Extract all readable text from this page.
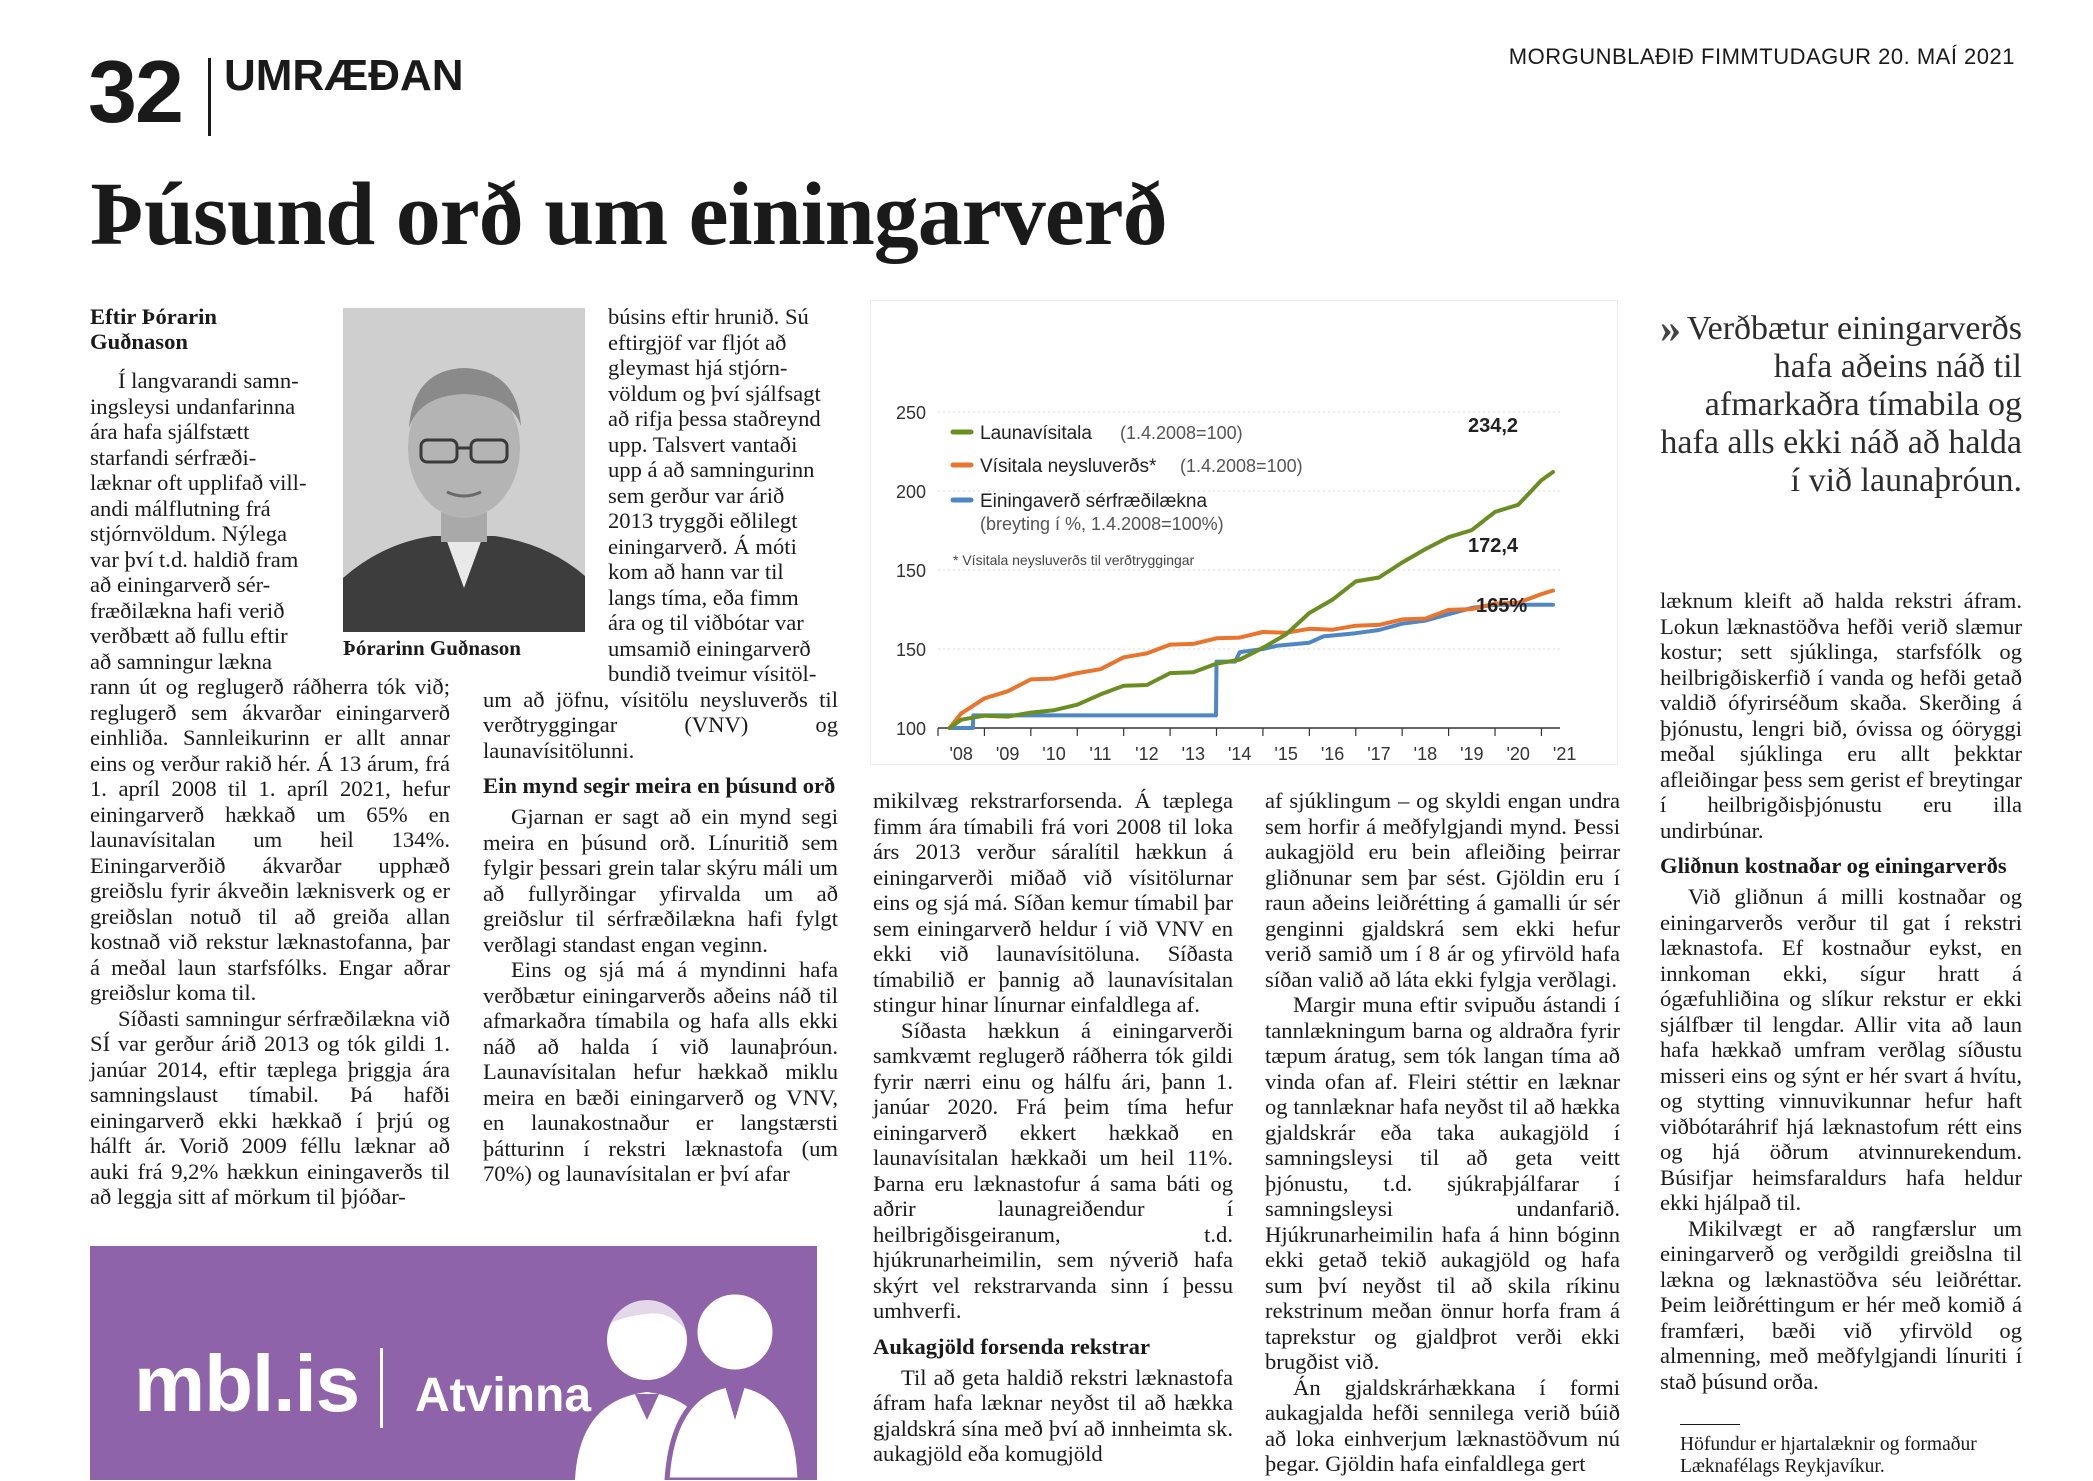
32 UMRÆÐAN	MORGUNBLAÐIÐ FIMMTUDAGUR 20. MAÍ 2021
Þúsund orð um einingarverð
Eftir Þórarin
Guðnason
Í langvarandi samn-
ingsleysi undanfarinna
ára hafa sjálfstætt
starfandi sérfræði-
læknar oft upplifað vill-
andi málflutning frá
stjórnvöldum. Nýlega
var því t.d. haldið fram
að einingarverð sér-
fræðilækna hafi verið
verðbætt að fullu eftir
að samningur lækna

rann út og reglugerð ráðherra tók við; reglugerð sem ákvarðar einingarverð einhliða. Sannleikurinn er allt annar eins og verður rakið hér. Á 13 árum, frá 1. apríl 2008 til 1. apríl 2021, hefur einingarverð hækkað um 65% en launavísitalan um heil 134%. Einingarverðið ákvarðar upphæð greiðslu fyrir ákveðin læknisverk og er greiðslan notuð til að greiða allan kostnað við rekstur læknastofanna, þar á meðal laun starfsfólks. Engar aðrar greiðslur koma til.

Síðasti samningur sérfræðilækna við SÍ var gerður árið 2013 og tók gildi 1. janúar 2014, eftir tæplega þriggja ára samningslaust tímabil. Þá hafði einingarverð ekki hækkað í þrjú og hálft ár. Vorið 2009 féllu læknar að auki frá 9,2% hækkun einingaverðs til að leggja sitt af mörkum til þjóðar-

Þórarinn Guðnason
búsins eftir hrunið. Sú
eftirgjöf var fljót að
gleymast hjá stjórn-
völdum og því sjálfsagt
að rifja þessa staðreynd
upp. Talsvert vantaði
upp á að samningurinn
sem gerður var árið
2013 tryggði eðlilegt
einingarverð. Á móti
kom að hann var til
langs tíma, eða fimm
ára og til viðbótar var
umsamið einingarverð
bundið tveimur vísitöl-

um að jöfnu, vísitölu neysluverðs til verðtryggingar (VNV) og launavísitölunni.

Ein mynd segir meira en þúsund orð

Gjarnan er sagt að ein mynd segi meira en þúsund orð. Línuritið sem fylgir þessari grein talar skýru máli um að fullyrðingar yfirvalda um að greiðslur til sérfræðilækna hafi fylgt verðlagi standast engan veginn.

Eins og sjá má á myndinni hafa verðbætur einingarverðs aðeins náð til afmarkaðra tímabila og hafa alls ekki náð að halda í við launaþróun. Launavísitalan hefur hækkað miklu meira en bæði einingarverð og VNV, en launakostnaður er langstærsti þátturinn í rekstri læknastofa (um 70%) og launavísitalan er því afar

100
150
150
200
250
'08 '09 '10 '11 '12 '13 '14 '15 '16 '17 '18 '19 '20 '21
Launavísitala (1.4.2008=100)
Vísitala neysluverðs* (1.4.2008=100)
Einingaverð sérfræðilækna
(breyting í %, 1.4.2008=100%)
* Vísitala neysluverðs til verðtryggingar
234,2
172,4
165%

mikilvæg rekstrarforsenda. Á tæplega fimm ára tímabili frá vori 2008 til loka árs 2013 verður sáralítil hækkun á einingarverði miðað við vísitölurnar eins og sjá má. Síðan kemur tímabil þar sem einingarverð heldur í við VNV en ekki við launavísitöluna. Síðasta tímabilið er þannig að launavísitalan stingur hinar línurnar einfaldlega af.

Síðasta hækkun á einingarverði samkvæmt reglugerð ráðherra tók gildi fyrir nærri einu og hálfu ári, þann 1. janúar 2020. Frá þeim tíma hefur einingarverð ekkert hækkað en launavísitalan hækkaði um heil 11%. Þarna eru læknastofur á sama báti og aðrir launagreiðendur í heilbrigðisgeiranum, t.d. hjúkrunarheimilin, sem nýverið hafa skýrt vel rekstrarvanda sinn í þessu umhverfi.

Aukagjöld forsenda rekstrar

Til að geta haldið rekstri læknastofa áfram hafa læknar neyðst til að hækka gjaldskrá sína með því að innheimta sk. aukagjöld eða komugjöld

af sjúklingum – og skyldi engan undra sem horfir á meðfylgjandi mynd. Þessi aukagjöld eru bein afleiðing þeirrar gliðnunar sem þar sést. Gjöldin eru í raun aðeins leiðrétting á gamalli úr sér genginni gjaldskrá sem ekki hefur verið samið um í 8 ár og yfirvöld hafa síðan valið að láta ekki fylgja verðlagi.

Margir muna eftir svipuðu ástandi í tannlækningum barna og aldraðra fyrir tæpum áratug, sem tók langan tíma að vinda ofan af. Fleiri stéttir en læknar og tannlæknar hafa neyðst til að hækka gjaldskrár eða taka aukagjöld í samningsleysi til að geta veitt þjónustu, t.d. sjúkraþjálfarar í samningsleysi undanfarið. Hjúkrunarheimilin hafa á hinn bóginn ekki getað tekið aukagjöld og hafa sum því neyðst til að skila ríkinu rekstrinum meðan önnur horfa fram á taprekstur og gjaldþrot verði ekki brugðist við.

Án gjaldskrárhækkana í formi aukagjalda hefði sennilega verið búið að loka einhverjum læknastöðvum nú þegar. Gjöldin hafa einfaldlega gert

» Verðbætur einingarverðs hafa aðeins náð til afmarkaðra tímabila og hafa alls ekki náð að halda í við launaþróun.

læknum kleift að halda rekstri áfram. Lokun læknastöðva hefði verið slæmur kostur; sett sjúklinga, starfsfólk og heilbrigðiskerfið í vanda og hefði getað valdið ófyrirséðum skaða. Skerðing á þjónustu, lengri bið, óvissa og óöryggi meðal sjúklinga eru allt þekktar afleiðingar þess sem gerist ef breytingar í heilbrigðisþjónustu eru illa undirbúnar.

Gliðnun kostnaðar og einingarverðs

Við gliðnun á milli kostnaðar og einingarverðs verður til gat í rekstri læknastofa. Ef kostnaður eykst, en innkoman ekki, sígur hratt á ógæfuhliðina og slíkur rekstur er ekki sjálfbær til lengdar. Allir vita að laun hafa hækkað umfram verðlag síðustu misseri eins og sýnt er hér svart á hvítu, og stytting vinnuvikunnar hefur haft viðbótaráhrif hjá læknastofum rétt eins og hjá öðrum atvinnurekendum. Búsifjar heimsfaraldurs hafa heldur ekki hjálpað til.

Mikilvægt er að rangfærslur um einingarverð og verðgildi greiðslna til lækna og læknastöðva séu leiðréttar. Þeim leiðréttingum er hér með komið á framfæri, bæði við yfirvöld og almenning, með meðfylgjandi línuriti í stað þúsund orða.

Höfundur er hjartalæknir og formaður Læknafélags Reykjavíkur.
mbl.is Atvinna
